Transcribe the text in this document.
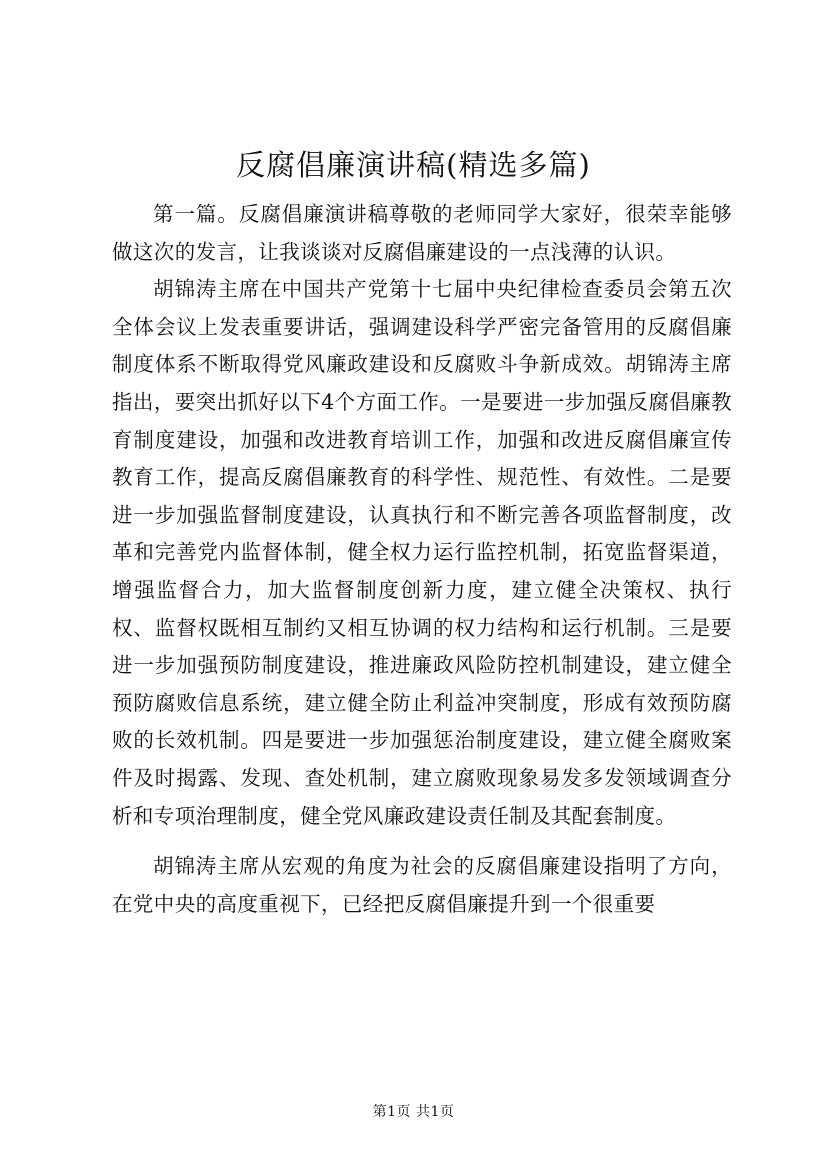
反腐倡廉演讲稿(精选多篇)

第一篇。反腐倡廉演讲稿尊敬的老师同学大家好，很荣幸能够做这次的发言，让我谈谈对反腐倡廉建设的一点浅薄的认识。

胡锦涛主席在中国共产党第十七届中央纪律检查委员会第五次全体会议上发表重要讲话，强调建设科学严密完备管用的反腐倡廉制度体系不断取得党风廉政建设和反腐败斗争新成效。胡锦涛主席指出，要突出抓好以下4个方面工作。一是要进一步加强反腐倡廉教育制度建设，加强和改进教育培训工作，加强和改进反腐倡廉宣传教育工作，提高反腐倡廉教育的科学性、规范性、有效性。二是要进一步加强监督制度建设，认真执行和不断完善各项监督制度，改革和完善党内监督体制，健全权力运行监控机制，拓宽监督渠道，增强监督合力，加大监督制度创新力度，建立健全决策权、执行权、监督权既相互制约又相互协调的权力结构和运行机制。三是要进一步加强预防制度建设，推进廉政风险防控机制建设，建立健全预防腐败信息系统，建立健全防止利益冲突制度，形成有效预防腐败的长效机制。四是要进一步加强惩治制度建设，建立健全腐败案件及时揭露、发现、查处机制，建立腐败现象易发多发领域调查分析和专项治理制度，健全党风廉政建设责任制及其配套制度。

胡锦涛主席从宏观的角度为社会的反腐倡廉建设指明了方向，在党中央的高度重视下，已经把反腐倡廉提升到一个很重要

第1页 共1页
